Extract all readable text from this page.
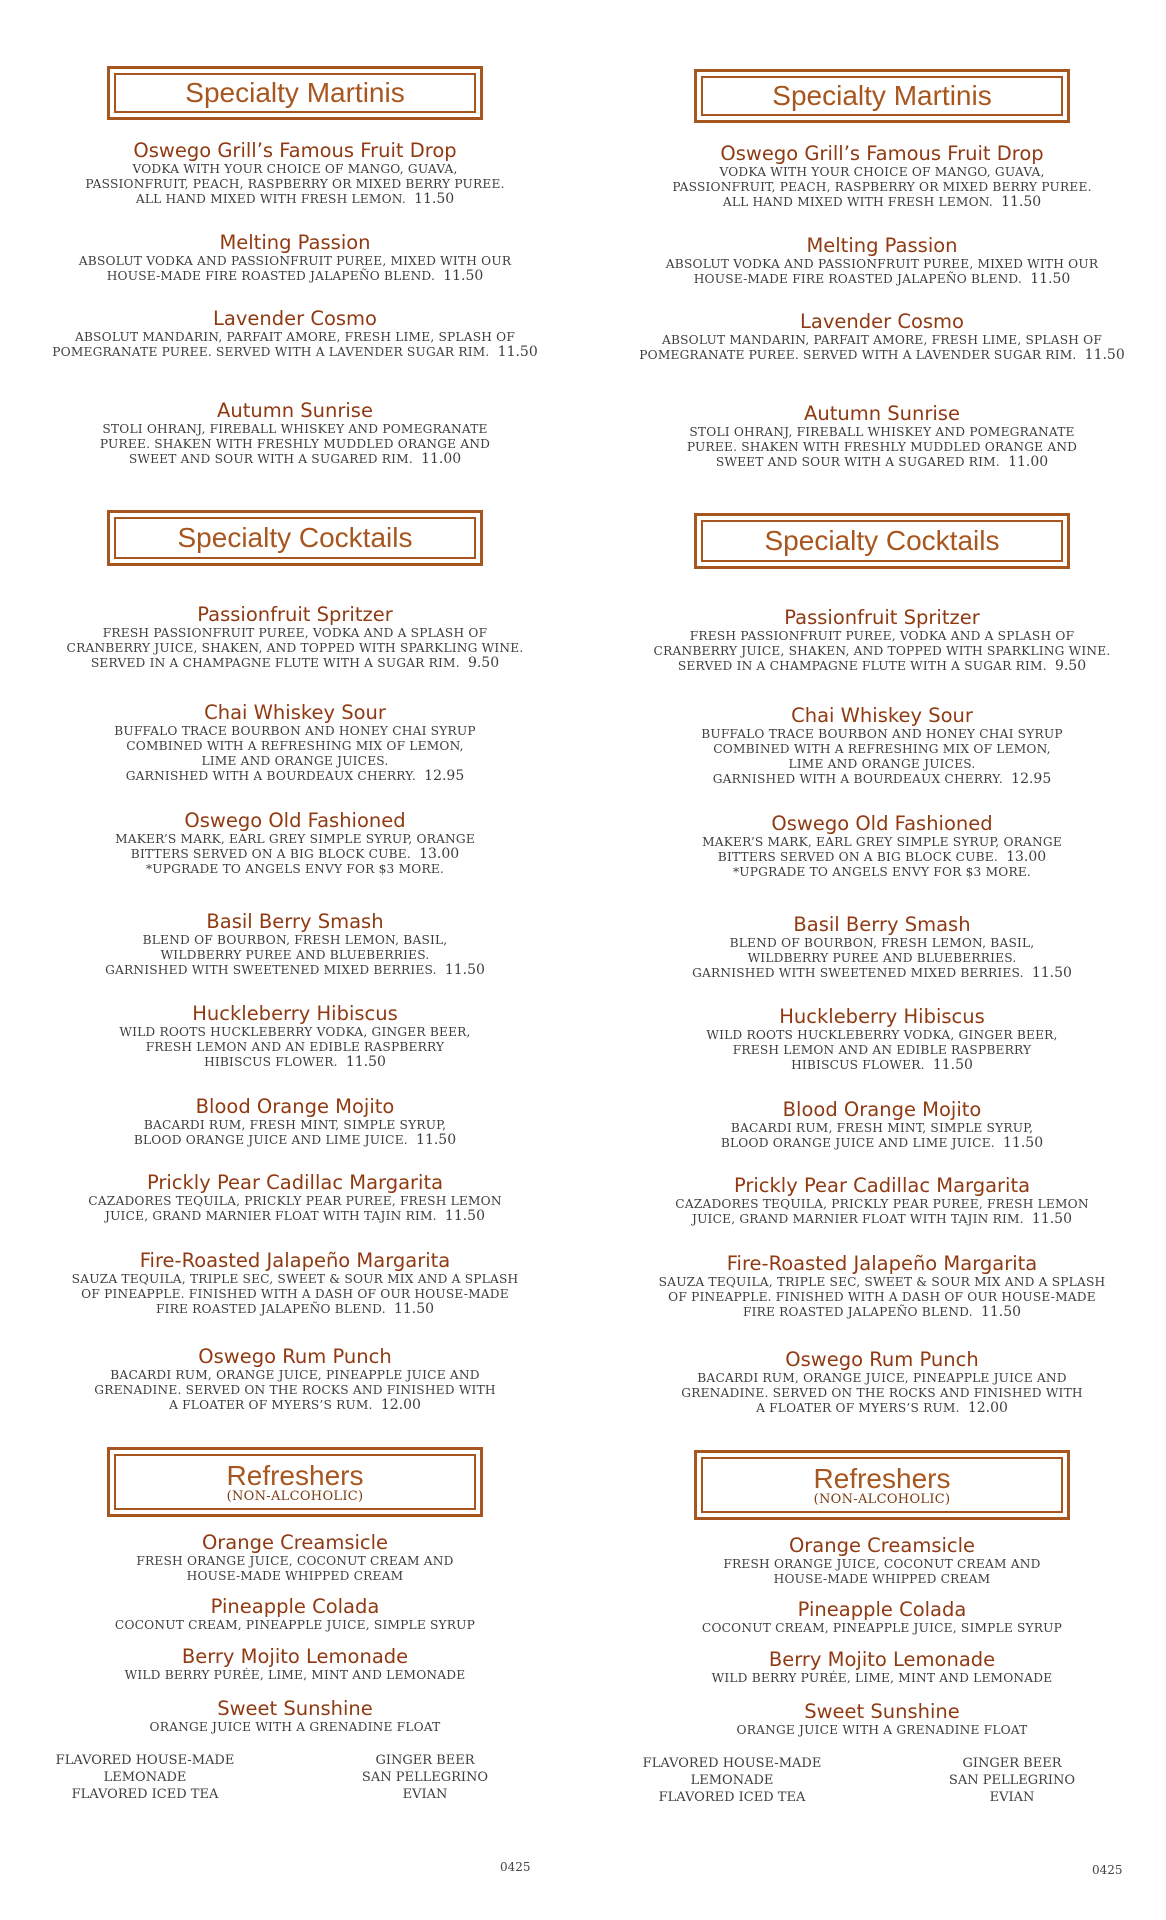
Specialty Martinis
Oswego Grill’s Famous Fruit Drop
VODKA WITH YOUR CHOICE OF MANGO, GUAVA,
PASSIONFRUIT, PEACH, RASPBERRY OR MIXED BERRY PUREE.
ALL HAND MIXED WITH FRESH LEMON. 11.50
Melting Passion
ABSOLUT VODKA AND PASSIONFRUIT PUREE, MIXED WITH OUR
HOUSE-MADE FIRE ROASTED JALAPEÑO BLEND. 11.50
Lavender Cosmo
ABSOLUT MANDARIN, PARFAIT AMORE, FRESH LIME, SPLASH OF
POMEGRANATE PUREE. SERVED WITH A LAVENDER SUGAR RIM. 11.50
Autumn Sunrise
STOLI OHRANJ, FIREBALL WHISKEY AND POMEGRANATE
PUREE. SHAKEN WITH FRESHLY MUDDLED ORANGE AND
SWEET AND SOUR WITH A SUGARED RIM. 11.00
Specialty Cocktails
Passionfruit Spritzer
FRESH PASSIONFRUIT PUREE, VODKA AND A SPLASH OF
CRANBERRY JUICE, SHAKEN, AND TOPPED WITH SPARKLING WINE.
SERVED IN A CHAMPAGNE FLUTE WITH A SUGAR RIM. 9.50
Chai Whiskey Sour
BUFFALO TRACE BOURBON AND HONEY CHAI SYRUP
COMBINED WITH A REFRESHING MIX OF LEMON,
LIME AND ORANGE JUICES.
GARNISHED WITH A BOURDEAUX CHERRY. 12.95
Oswego Old Fashioned
MAKER’S MARK, EARL GREY SIMPLE SYRUP, ORANGE
BITTERS SERVED ON A BIG BLOCK CUBE. 13.00
*UPGRADE TO ANGELS ENVY FOR $3 MORE.
Basil Berry Smash
BLEND OF BOURBON, FRESH LEMON, BASIL,
WILDBERRY PUREE AND BLUEBERRIES.
GARNISHED WITH SWEETENED MIXED BERRIES. 11.50
Huckleberry Hibiscus
WILD ROOTS HUCKLEBERRY VODKA, GINGER BEER,
FRESH LEMON AND AN EDIBLE RASPBERRY
HIBISCUS FLOWER. 11.50
Blood Orange Mojito
BACARDI RUM, FRESH MINT, SIMPLE SYRUP,
BLOOD ORANGE JUICE AND LIME JUICE. 11.50
Prickly Pear Cadillac Margarita
CAZADORES TEQUILA, PRICKLY PEAR PUREE, FRESH LEMON
JUICE, GRAND MARNIER FLOAT WITH TAJIN RIM. 11.50
Fire-Roasted Jalapeño Margarita
SAUZA TEQUILA, TRIPLE SEC, SWEET & SOUR MIX AND A SPLASH
OF PINEAPPLE. FINISHED WITH A DASH OF OUR HOUSE-MADE
FIRE ROASTED JALAPEÑO BLEND. 11.50
Oswego Rum Punch
BACARDI RUM, ORANGE JUICE, PINEAPPLE JUICE AND
GRENADINE. SERVED ON THE ROCKS AND FINISHED WITH
A FLOATER OF MYERS’S RUM. 12.00
Refreshers
(NON-ALCOHOLIC)
Orange Creamsicle
FRESH ORANGE JUICE, COCONUT CREAM AND
HOUSE-MADE WHIPPED CREAM
Pineapple Colada
COCONUT CREAM, PINEAPPLE JUICE, SIMPLE SYRUP
Berry Mojito Lemonade
WILD BERRY PURÉE, LIME, MINT AND LEMONADE
Sweet Sunshine
ORANGE JUICE WITH A GRENADINE FLOAT
FLAVORED HOUSE-MADE
LEMONADE
FLAVORED ICED TEA
GINGER BEER
SAN PELLEGRINO
EVIAN
0425
Specialty Martinis
Oswego Grill’s Famous Fruit Drop
VODKA WITH YOUR CHOICE OF MANGO, GUAVA,
PASSIONFRUIT, PEACH, RASPBERRY OR MIXED BERRY PUREE.
ALL HAND MIXED WITH FRESH LEMON. 11.50
Melting Passion
ABSOLUT VODKA AND PASSIONFRUIT PUREE, MIXED WITH OUR
HOUSE-MADE FIRE ROASTED JALAPEÑO BLEND. 11.50
Lavender Cosmo
ABSOLUT MANDARIN, PARFAIT AMORE, FRESH LIME, SPLASH OF
POMEGRANATE PUREE. SERVED WITH A LAVENDER SUGAR RIM. 11.50
Autumn Sunrise
STOLI OHRANJ, FIREBALL WHISKEY AND POMEGRANATE
PUREE. SHAKEN WITH FRESHLY MUDDLED ORANGE AND
SWEET AND SOUR WITH A SUGARED RIM. 11.00
Specialty Cocktails
Passionfruit Spritzer
FRESH PASSIONFRUIT PUREE, VODKA AND A SPLASH OF
CRANBERRY JUICE, SHAKEN, AND TOPPED WITH SPARKLING WINE.
SERVED IN A CHAMPAGNE FLUTE WITH A SUGAR RIM. 9.50
Chai Whiskey Sour
BUFFALO TRACE BOURBON AND HONEY CHAI SYRUP
COMBINED WITH A REFRESHING MIX OF LEMON,
LIME AND ORANGE JUICES.
GARNISHED WITH A BOURDEAUX CHERRY. 12.95
Oswego Old Fashioned
MAKER’S MARK, EARL GREY SIMPLE SYRUP, ORANGE
BITTERS SERVED ON A BIG BLOCK CUBE. 13.00
*UPGRADE TO ANGELS ENVY FOR $3 MORE.
Basil Berry Smash
BLEND OF BOURBON, FRESH LEMON, BASIL,
WILDBERRY PUREE AND BLUEBERRIES.
GARNISHED WITH SWEETENED MIXED BERRIES. 11.50
Huckleberry Hibiscus
WILD ROOTS HUCKLEBERRY VODKA, GINGER BEER,
FRESH LEMON AND AN EDIBLE RASPBERRY
HIBISCUS FLOWER. 11.50
Blood Orange Mojito
BACARDI RUM, FRESH MINT, SIMPLE SYRUP,
BLOOD ORANGE JUICE AND LIME JUICE. 11.50
Prickly Pear Cadillac Margarita
CAZADORES TEQUILA, PRICKLY PEAR PUREE, FRESH LEMON
JUICE, GRAND MARNIER FLOAT WITH TAJIN RIM. 11.50
Fire-Roasted Jalapeño Margarita
SAUZA TEQUILA, TRIPLE SEC, SWEET & SOUR MIX AND A SPLASH
OF PINEAPPLE. FINISHED WITH A DASH OF OUR HOUSE-MADE
FIRE ROASTED JALAPEÑO BLEND. 11.50
Oswego Rum Punch
BACARDI RUM, ORANGE JUICE, PINEAPPLE JUICE AND
GRENADINE. SERVED ON THE ROCKS AND FINISHED WITH
A FLOATER OF MYERS’S RUM. 12.00
Refreshers
(NON-ALCOHOLIC)
Orange Creamsicle
FRESH ORANGE JUICE, COCONUT CREAM AND
HOUSE-MADE WHIPPED CREAM
Pineapple Colada
COCONUT CREAM, PINEAPPLE JUICE, SIMPLE SYRUP
Berry Mojito Lemonade
WILD BERRY PURÉE, LIME, MINT AND LEMONADE
Sweet Sunshine
ORANGE JUICE WITH A GRENADINE FLOAT
FLAVORED HOUSE-MADE
LEMONADE
FLAVORED ICED TEA
GINGER BEER
SAN PELLEGRINO
EVIAN
0425
